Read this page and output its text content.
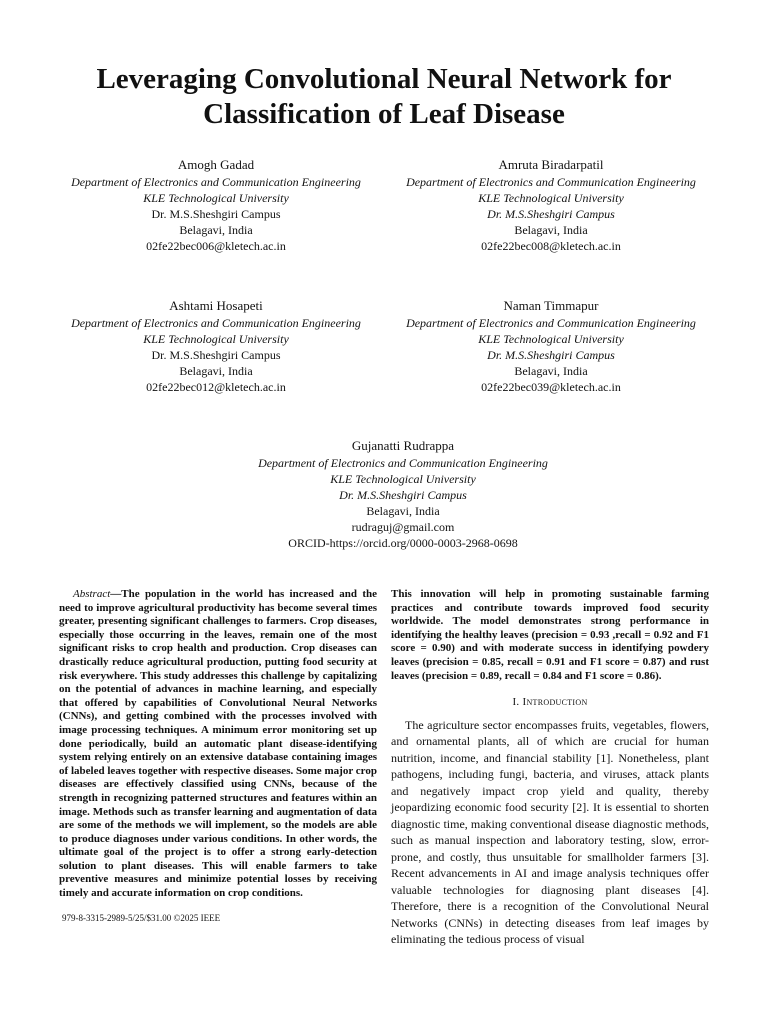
Leveraging Convolutional Neural Network for
Classification of Leaf Disease
Amogh Gadad
Department of Electronics and Communication Engineering
KLE Technological University
Dr. M.S.Sheshgiri Campus
Belagavi, India
02fe22bec006@kletech.ac.in
Amruta Biradarpatil
Department of Electronics and Communication Engineering
KLE Technological University
Dr. M.S.Sheshgiri Campus
Belagavi, India
02fe22bec008@kletech.ac.in
Ashtami Hosapeti
Department of Electronics and Communication Engineering
KLE Technological University
Dr. M.S.Sheshgiri Campus
Belagavi, India
02fe22bec012@kletech.ac.in
Naman Timmapur
Department of Electronics and Communication Engineering
KLE Technological University
Dr. M.S.Sheshgiri Campus
Belagavi, India
02fe22bec039@kletech.ac.in
Gujanatti Rudrappa
Department of Electronics and Communication Engineering
KLE Technological University
Dr. M.S.Sheshgiri Campus
Belagavi, India
rudraguj@gmail.com
ORCID-https://orcid.org/0000-0003-2968-0698

Abstract—The population in the world has increased and the need to improve agricultural productivity has become several times greater, presenting significant challenges to farmers. Crop diseases, especially those occurring in the leaves, remain one of the most significant risks to crop health and production. Crop diseases can drastically reduce agricultural production, putting food security at risk everywhere. This study addresses this challenge by capitalizing on the potential of advances in machine learning, and especially that offered by capabilities of Convolutional Neural Networks (CNNs), and getting combined with the processes involved with image processing techniques. A minimum error monitoring set up done periodically, build an automatic plant disease-identifying system relying entirely on an extensive database containing images of labeled leaves together with respective diseases. Some major crop diseases are effectively classified using CNNs, because of the strength in recognizing patterned structures and features within an image. Methods such as transfer learning and augmentation of data are some of the methods we will implement, so the models are able to produce diagnoses under various conditions. In other words, the ultimate goal of the project is to offer a strong early-detection solution to plant diseases. This will enable farmers to take preventive measures and minimize potential losses by receiving timely and accurate information on crop conditions.

979-8-3315-2989-5/25/$31.00 ©2025 IEEE

This innovation will help in promoting sustainable farming practices and contribute towards improved food security worldwide. The model demonstrates strong performance in identifying the healthy leaves (precision = 0.93 ,recall = 0.92 and F1 score = 0.90) and with moderate success in identifying powdery leaves (precision = 0.85, recall = 0.91 and F1 score = 0.87) and rust leaves (precision = 0.89, recall = 0.84 and F1 score = 0.86).

I. Introduction

The agriculture sector encompasses fruits, vegetables, flowers, and ornamental plants, all of which are crucial for human nutrition, income, and financial stability [1]. Nonetheless, plant pathogens, including fungi, bacteria, and viruses, attack plants and negatively impact crop yield and quality, thereby jeopardizing economic food security [2]. It is essential to shorten diagnostic time, making conventional disease diagnostic methods, such as manual inspection and laboratory testing, slow, error-prone, and costly, thus unsuitable for smallholder farmers [3]. Recent advancements in AI and image analysis techniques offer valuable technologies for diagnosing plant diseases [4]. Therefore, there is a recognition of the Convolutional Neural Networks (CNNs) in detecting diseases from leaf images by eliminating the tedious process of visual
